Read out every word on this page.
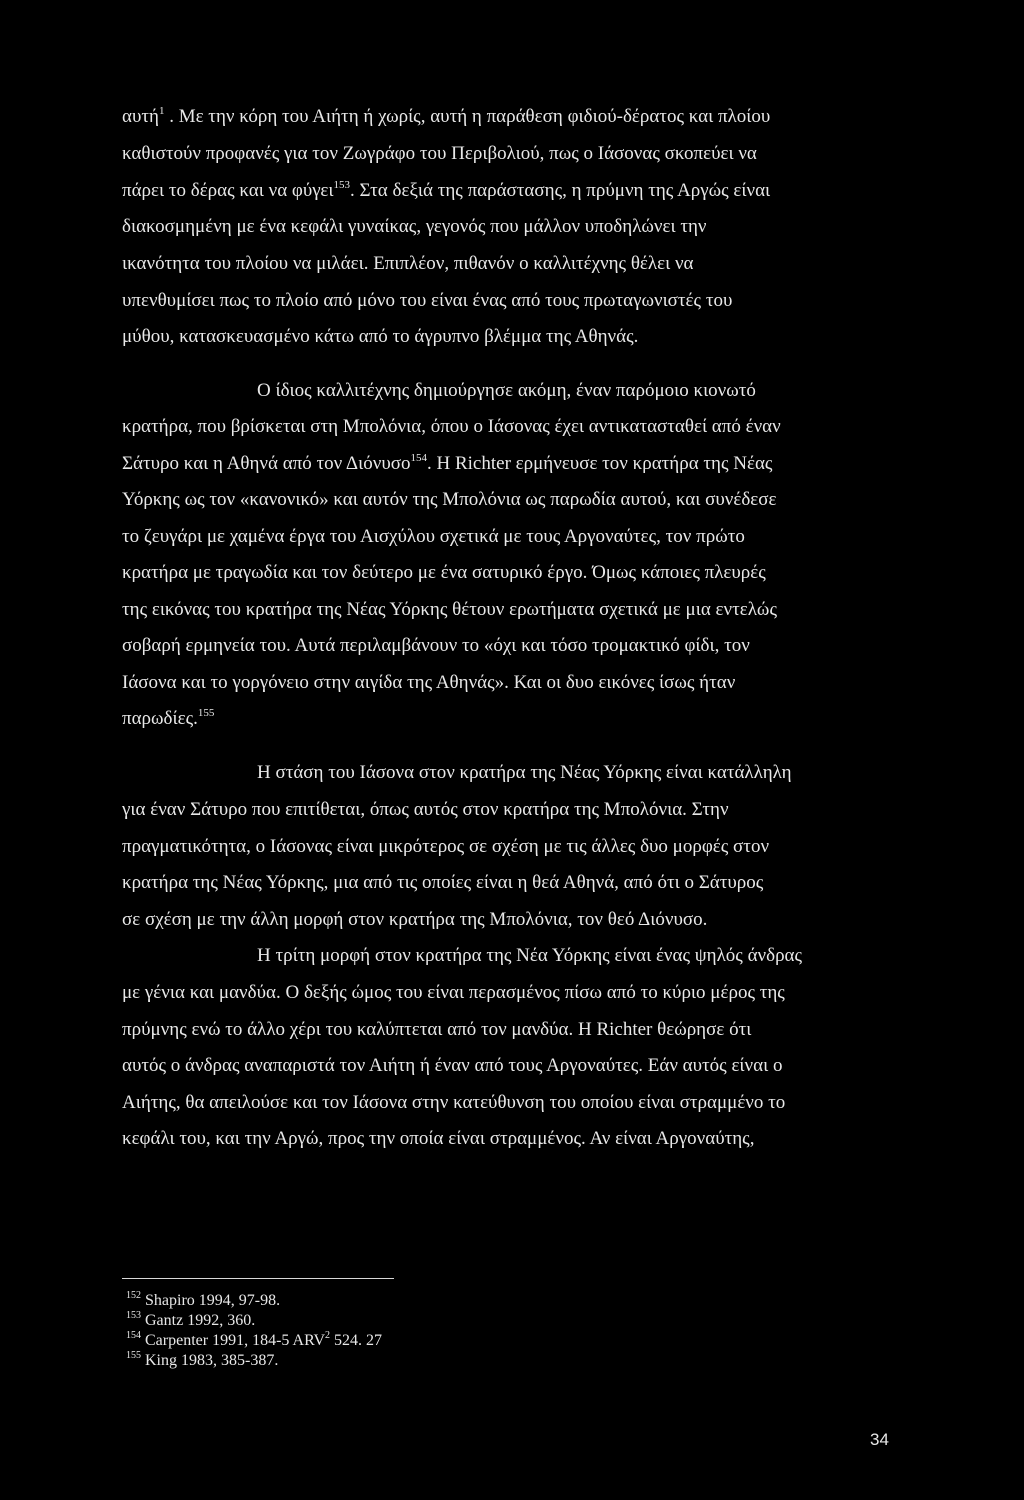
αυτή$^1$ . Με την κόρη του Αιήτη ή χωρίς, αυτή η παράθεση φιδιού-δέρατος και πλοίου
καθιστούν προφανές για τον Ζωγράφο του Περιβολιού, πως ο Ιάσονας σκοπεύει να
πάρει το δέρας και να φύγει$^{153}$. Στα δεξιά της παράστασης, η πρύμνη της Αργώς είναι
διακοσμημένη με ένα κεφάλι γυναίκας, γεγονός που μάλλον υποδηλώνει την
ικανότητα του πλοίου να μιλάει. Επιπλέον, πιθανόν ο καλλιτέχνης θέλει να
υπενθυμίσει πως το πλοίο από μόνο του είναι ένας από τους πρωταγωνιστές του
μύθου, κατασκευασμένο κάτω από το άγρυπνο βλέμμα της Αθηνάς.
Ο ίδιος καλλιτέχνης δημιούργησε ακόμη, έναν παρόμοιο κιονωτό
κρατήρα, που βρίσκεται στη Μπολόνια, όπου ο Ιάσονας έχει αντικατασταθεί από έναν
Σάτυρο και η Αθηνά από τον Διόνυσο$^{154}$. Η Richter ερμήνευσε τον κρατήρα της Νέας
Υόρκης ως τον «κανονικό» και αυτόν της Μπολόνια ως παρωδία αυτού, και συνέδεσε
το ζευγάρι με χαμένα έργα του Αισχύλου σχετικά με τους Αργοναύτες, τον πρώτο
κρατήρα με τραγωδία και τον δεύτερο με ένα σατυρικό έργο. Όμως κάποιες πλευρές
της εικόνας του κρατήρα της Νέας Υόρκης θέτουν ερωτήματα σχετικά με μια εντελώς
σοβαρή ερμηνεία του. Αυτά περιλαμβάνουν το «όχι και τόσο τρομακτικό φίδι, τον
Ιάσονα και το γοργόνειο στην αιγίδα της Αθηνάς». Και οι δυο εικόνες ίσως ήταν
παρωδίες.$^{155}$
Η στάση του Ιάσονα στον κρατήρα της Νέας Υόρκης είναι κατάλληλη
για έναν Σάτυρο που επιτίθεται, όπως αυτός στον κρατήρα της Μπολόνια. Στην
πραγματικότητα, ο Ιάσονας είναι μικρότερος σε σχέση με τις άλλες δυο μορφές στον
κρατήρα της Νέας Υόρκης, μια από τις οποίες είναι η θεά Αθηνά, από ότι ο Σάτυρος
σε σχέση με την άλλη μορφή στον κρατήρα της Μπολόνια, τον θεό Διόνυσο.
Η τρίτη μορφή στον κρατήρα της Νέα Υόρκης είναι ένας ψηλός άνδρας
με γένια και μανδύα. Ο δεξής ώμος του είναι περασμένος πίσω από το κύριο μέρος της
πρύμνης ενώ το άλλο χέρι του καλύπτεται από τον μανδύα. Η Richter θεώρησε ότι
αυτός ο άνδρας αναπαριστά τον Αιήτη ή έναν από τους Αργοναύτες. Εάν αυτός είναι ο
Αιήτης, θα απειλούσε και τον Ιάσονα στην κατεύθυνση του οποίου είναι στραμμένο το
κεφάλι του, και την Αργώ, προς την οποία είναι στραμμένος. Αν είναι Αργοναύτης,
$^{152}$ Shapiro 1994, 97-98.
$^{153}$ Gantz 1992, 360.
$^{154}$ Carpenter 1991, 184-5 ARV$^2$ 524. 27
$^{155}$ King 1983, 385-387.
34
